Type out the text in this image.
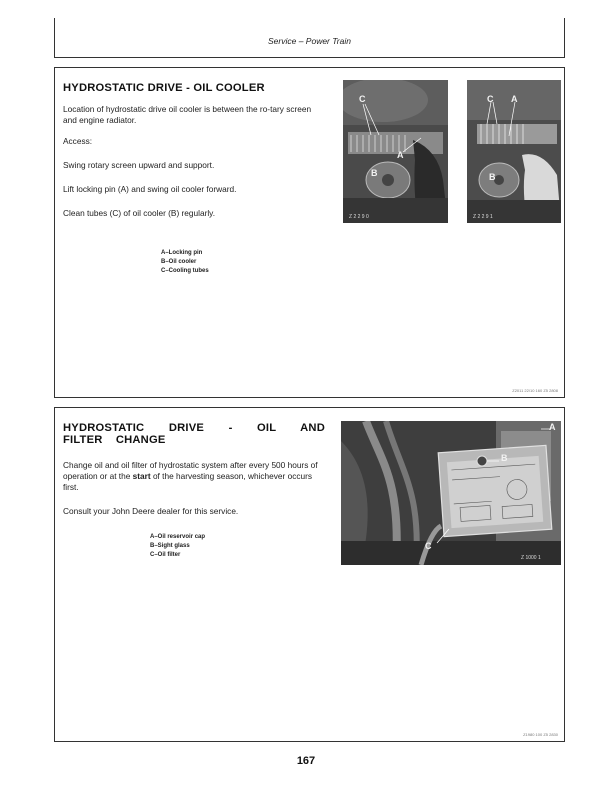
Service – Power Train
HYDROSTATIC DRIVE - OIL COOLER

Location of hydrostatic drive oil cooler is between the ro-tary screen and engine radiator.

Access:

Swing rotary screen upward and support.

Lift locking pin (A) and swing oil cooler forward.

Clean tubes (C) of oil cooler (B) regularly.

A–Locking pin
B–Oil cooler
C–Cooling tubes
C
A
B
Z 2 2 9 0
C A
B
Z 2 2 9 1
Z2011 22/10 160 Z5 2808
HYDROSTATIC DRIVE - OIL AND FILTER CHANGE

Change oil and oil filter of hydrostatic system after every 500 hours of operation or at the start of the harvesting season, whichever occurs first.

Consult your John Deere dealer for this service.

A–Oil reservoir cap
B–Sight glass
C–Oil filter
A
B
C
Z 1000 1
Z1980 100 Z5 2830
167
